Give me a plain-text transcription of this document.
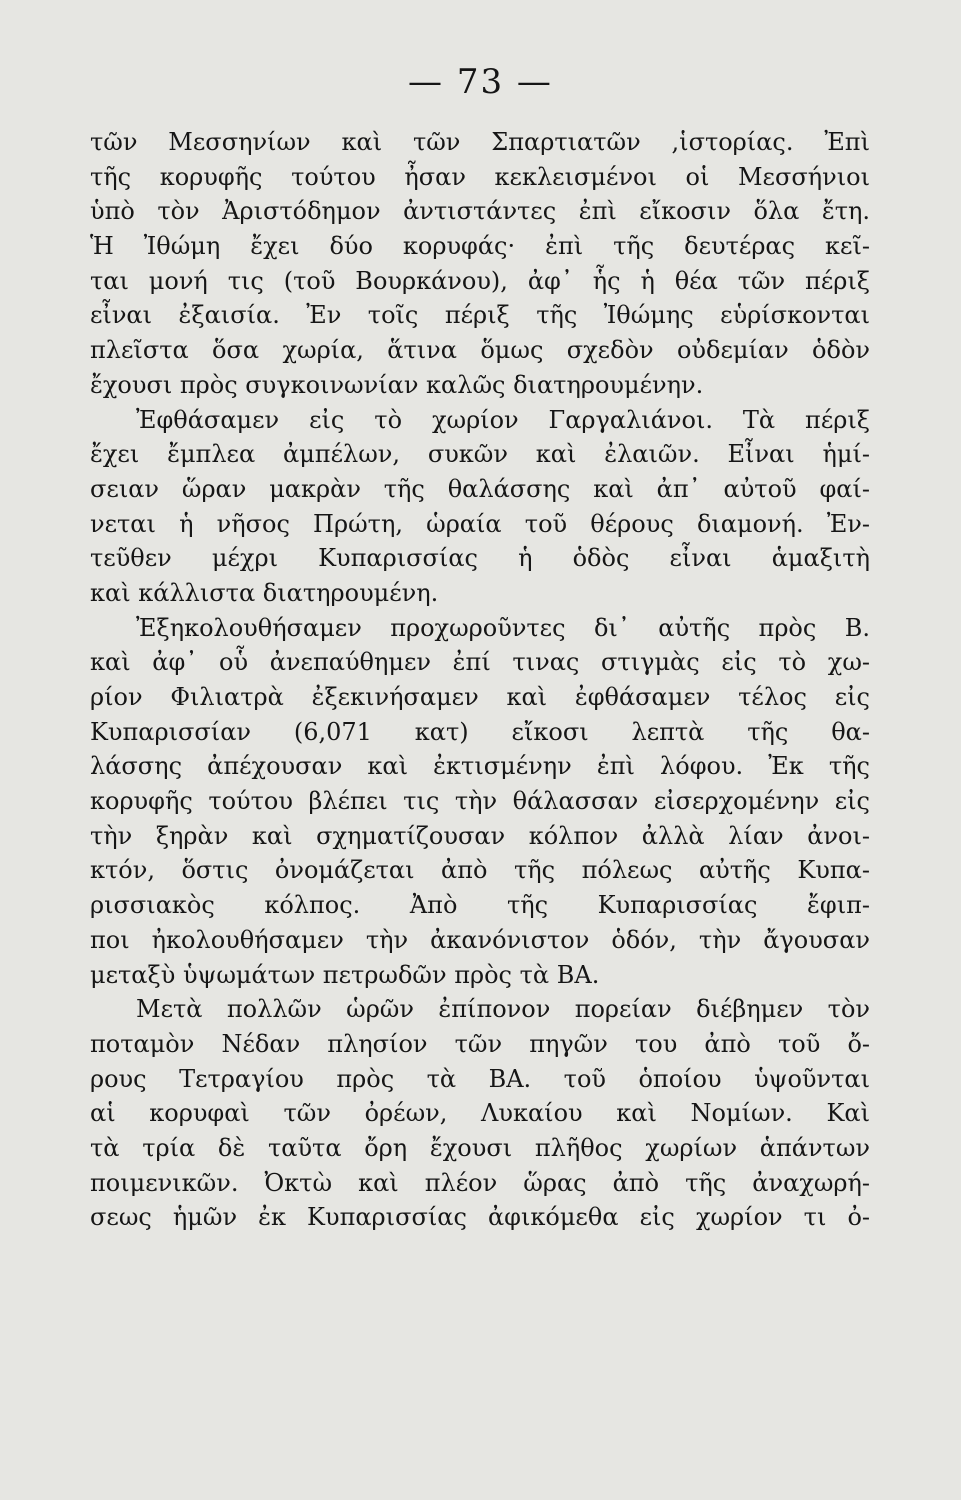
— 73 —
τῶν Μεσσηνίων καὶ τῶν Σπαρτιατῶν ,ἱστορίας. Ἐπὶ
τῆς κορυφῆς τούτου ἦσαν κεκλεισμένοι οἱ Μεσσήνιοι
ὑπὸ τὸν Ἀριστόδημον ἀντιστάντες ἐπὶ εἴκοσιν ὅλα ἔτη.
Ἡ Ἰθώμη ἔχει δύο κορυφάς· ἐπὶ τῆς δευτέρας κεῖ-
ται μονή τις (τοῦ Βουρκάνου), ἀφ᾽ ἧς ἡ θέα τῶν πέριξ
εἶναι ἐξαισία. Ἐν τοῖς πέριξ τῆς Ἰθώμης εὑρίσκονται
πλεῖστα ὅσα χωρία, ἅτινα ὅμως σχεδὸν οὐδεμίαν ὁδὸν
ἔχουσι πρὸς συγκοινωνίαν καλῶς διατηρουμένην.
Ἐφθάσαμεν εἰς τὸ χωρίον Γαργαλιάνοι. Τὰ πέριξ
ἔχει ἔμπλεα ἀμπέλων, συκῶν καὶ ἐλαιῶν. Εἶναι ἡμί-
σειαν ὥραν μακρὰν τῆς θαλάσσης καὶ ἀπ᾽ αὐτοῦ φαί-
νεται ἡ νῆσος Πρώτη, ὡραία τοῦ θέρους διαμονή. Ἐν-
τεῦθεν μέχρι Κυπαρισσίας ἡ ὁδὸς εἶναι ἁμαξιτὴ
καὶ κάλλιστα διατηρουμένη.
Ἐξηκολουθήσαμεν προχωροῦντες δι᾽ αὐτῆς πρὸς Β.
καὶ ἀφ᾽ οὗ ἀνεπαύθημεν ἐπί τινας στιγμὰς εἰς τὸ χω-
ρίον Φιλιατρὰ ἐξεκινήσαμεν καὶ ἐφθάσαμεν τέλος εἰς
Κυπαρισσίαν (6,071 κατ) εἴκοσι λεπτὰ τῆς θα-
λάσσης ἀπέχουσαν καὶ ἐκτισμένην ἐπὶ λόφου. Ἐκ τῆς
κορυφῆς τούτου βλέπει τις τὴν θάλασσαν εἰσερχομένην εἰς
τὴν ξηρὰν καὶ σχηματίζουσαν κόλπον ἀλλὰ λίαν ἀνοι-
κτόν, ὅστις ὀνομάζεται ἀπὸ τῆς πόλεως αὐτῆς Κυπα-
ρισσιακὸς κόλπος. Ἀπὸ τῆς Κυπαρισσίας ἔφιπ-
ποι ἠκολουθήσαμεν τὴν ἀκανόνιστον ὁδόν, τὴν ἄγουσαν
μεταξὺ ὑψωμάτων πετρωδῶν πρὸς τὰ ΒΑ.
Μετὰ πολλῶν ὡρῶν ἐπίπονον πορείαν διέβημεν τὸν
ποταμὸν Νέδαν πλησίον τῶν πηγῶν του ἀπὸ τοῦ ὄ-
ρους Τετραγίου πρὸς τὰ ΒΑ. τοῦ ὁποίου ὑψοῦνται
αἱ κορυφαὶ τῶν ὀρέων, Λυκαίου καὶ Νομίων. Καὶ
τὰ τρία δὲ ταῦτα ὄρη ἔχουσι πλῆθος χωρίων ἁπάντων
ποιμενικῶν. Ὀκτὼ καὶ πλέον ὥρας ἀπὸ τῆς ἀναχωρή-
σεως ἡμῶν ἐκ Κυπαρισσίας ἀφικόμεθα εἰς χωρίον τι ὀ-
